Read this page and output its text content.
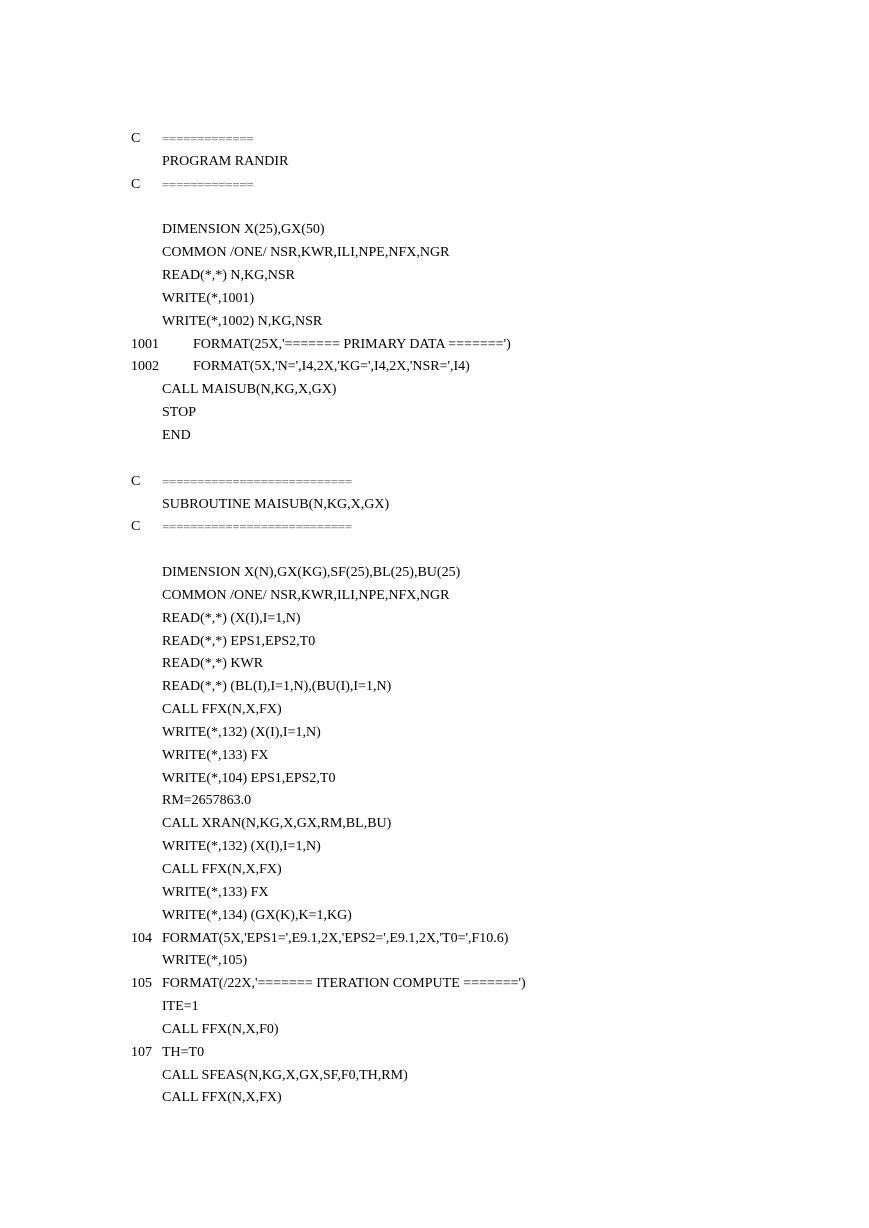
C =============
PROGRAM RANDIR
C =============
DIMENSION X(25),GX(50)
COMMON /ONE/ NSR,KWR,ILI,NPE,NFX,NGR
READ(*,*) N,KG,NSR
WRITE(*,1001)
WRITE(*,1002) N,KG,NSR
1001 FORMAT(25X,'======= PRIMARY DATA =======')
1002 FORMAT(5X,'N=',I4,2X,'KG=',I4,2X,'NSR=',I4)
CALL MAISUB(N,KG,X,GX)
STOP
END
C ===========================
SUBROUTINE MAISUB(N,KG,X,GX)
C ===========================
DIMENSION X(N),GX(KG),SF(25),BL(25),BU(25)
COMMON /ONE/ NSR,KWR,ILI,NPE,NFX,NGR
READ(*,*) (X(I),I=1,N)
READ(*,*) EPS1,EPS2,T0
READ(*,*) KWR
READ(*,*) (BL(I),I=1,N),(BU(I),I=1,N)
CALL FFX(N,X,FX)
WRITE(*,132) (X(I),I=1,N)
WRITE(*,133) FX
WRITE(*,104) EPS1,EPS2,T0
RM=2657863.0
CALL XRAN(N,KG,X,GX,RM,BL,BU)
WRITE(*,132) (X(I),I=1,N)
CALL FFX(N,X,FX)
WRITE(*,133) FX
WRITE(*,134) (GX(K),K=1,KG)
104 FORMAT(5X,'EPS1=',E9.1,2X,'EPS2=',E9.1,2X,'T0=',F10.6)
WRITE(*,105)
105 FORMAT(/22X,'======= ITERATION COMPUTE =======')
ITE=1
CALL FFX(N,X,F0)
107 TH=T0
CALL SFEAS(N,KG,X,GX,SF,F0,TH,RM)
CALL FFX(N,X,FX)
